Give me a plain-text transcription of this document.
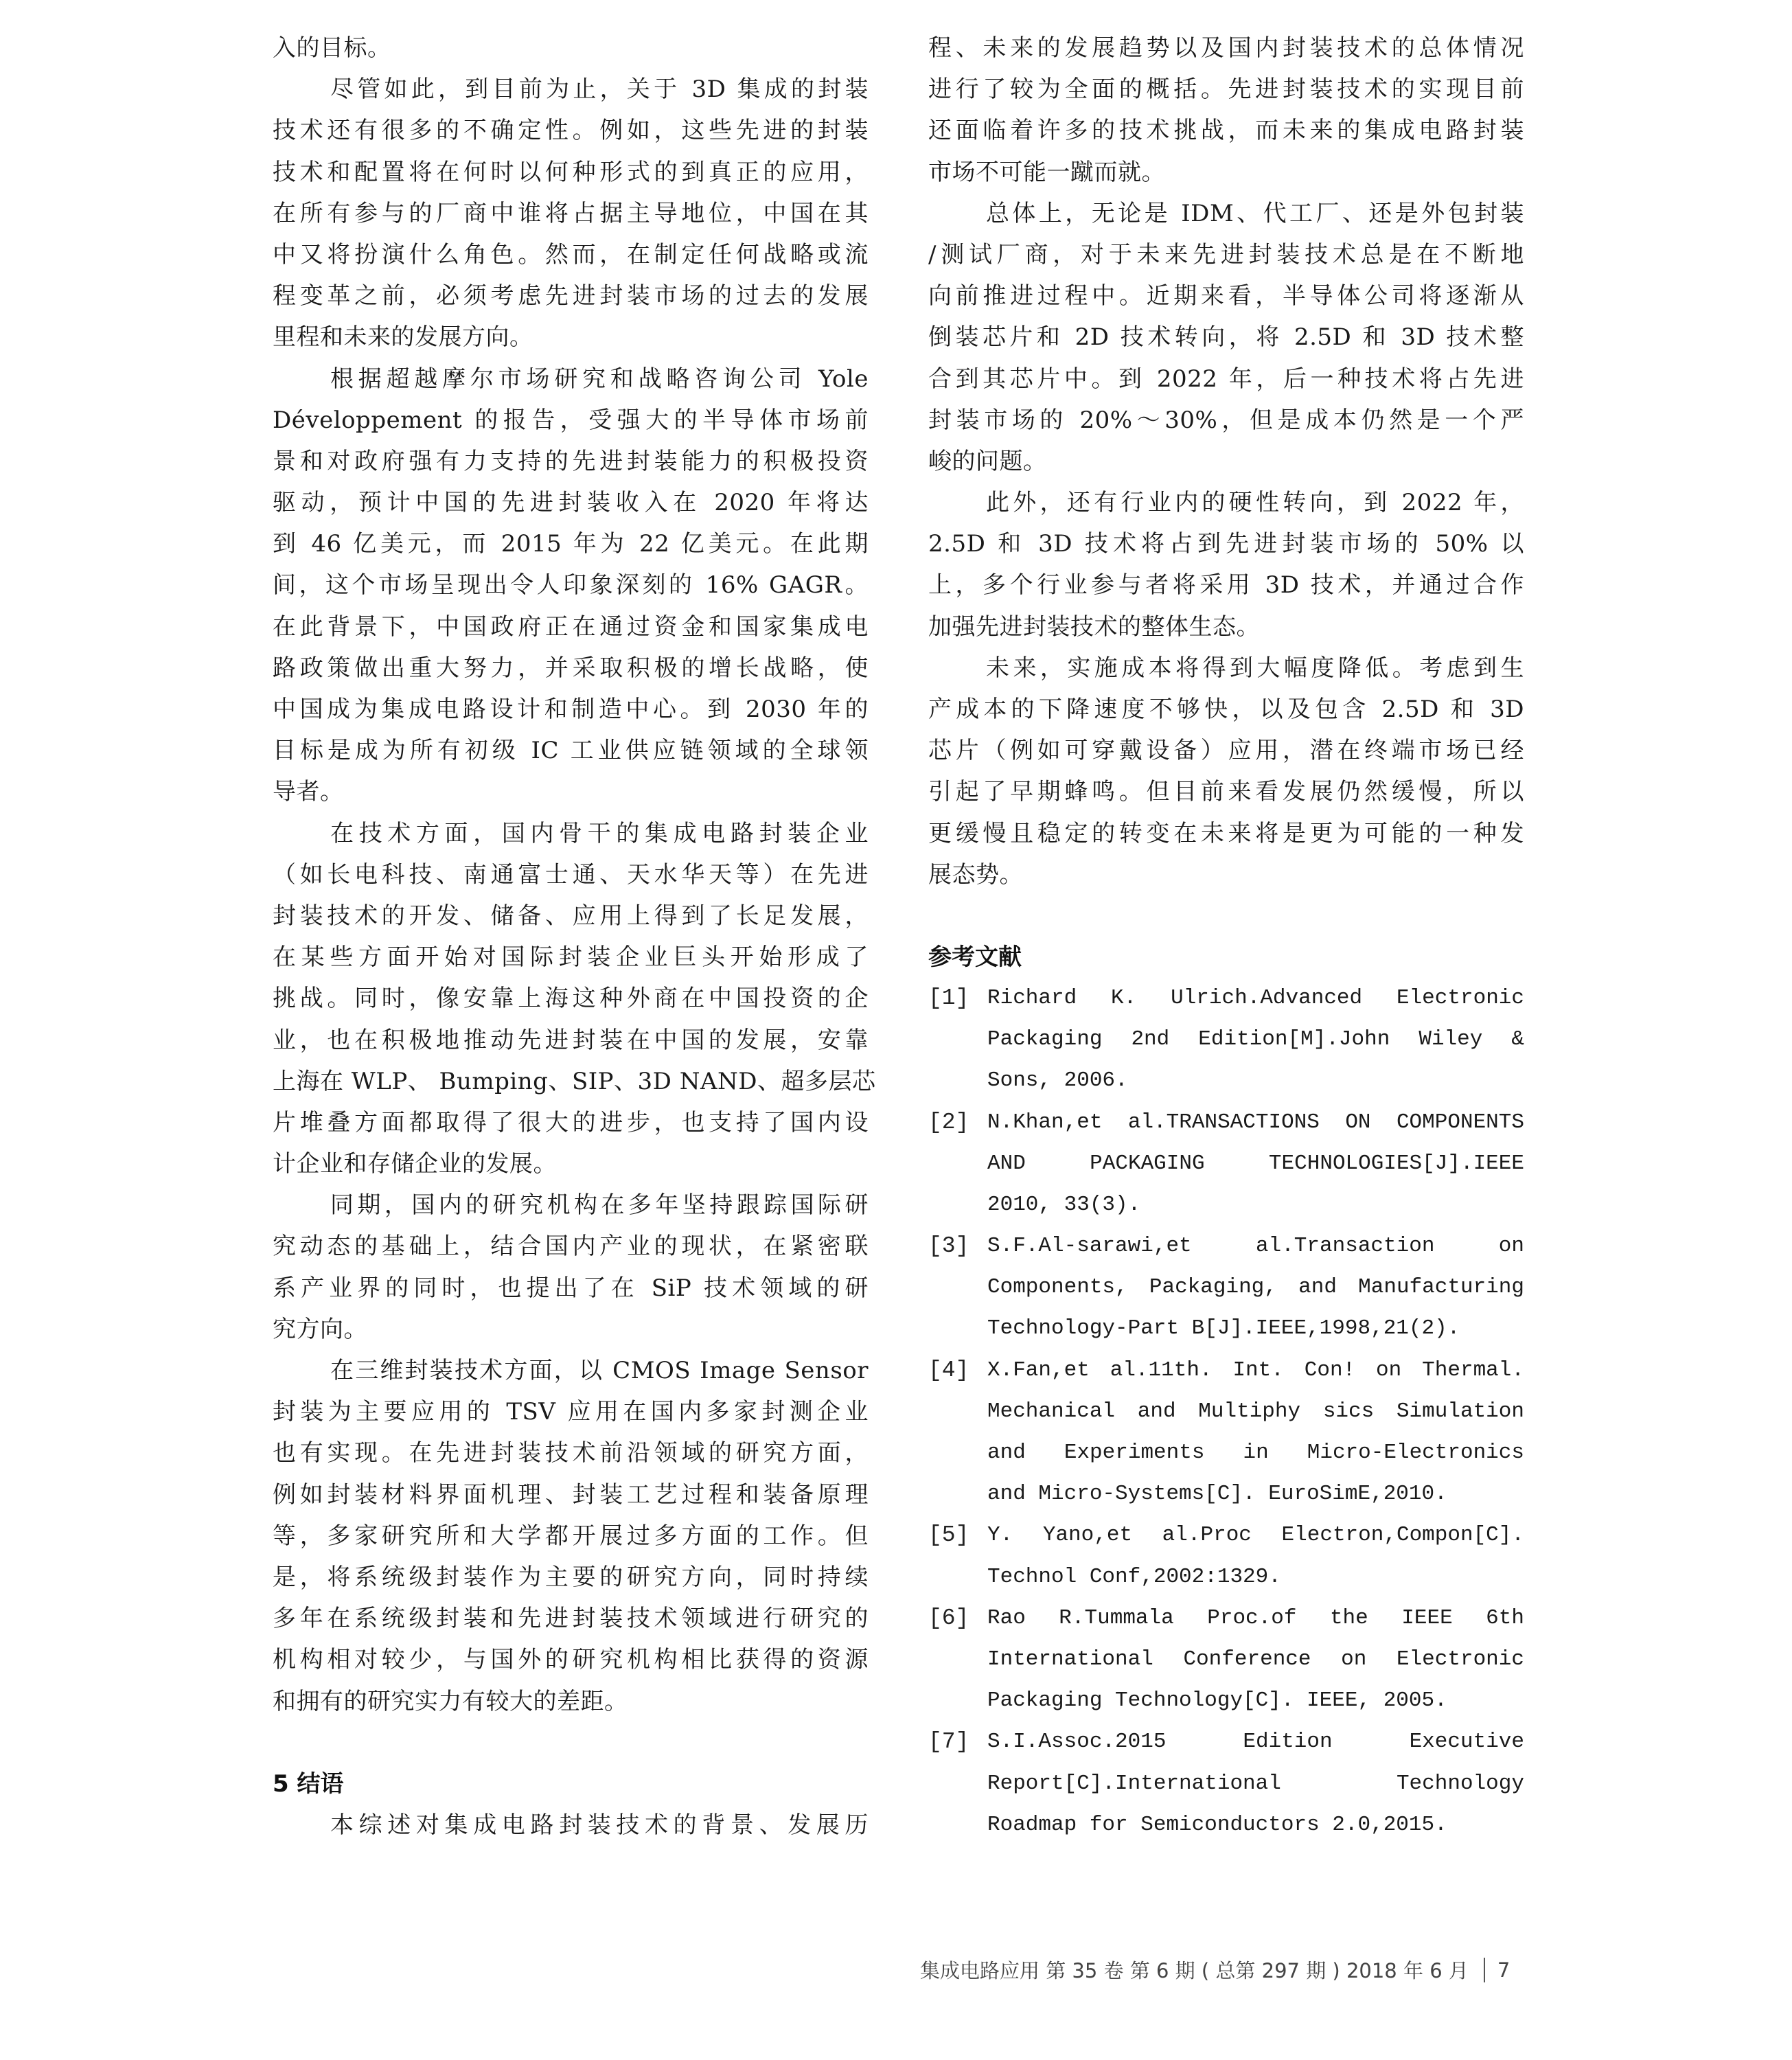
入的目标。
尽管如此，到目前为止，关于 3D 集成的封装
技术还有很多的不确定性。例如，这些先进的封装
技术和配置将在何时以何种形式的到真正的应用，
在所有参与的厂商中谁将占据主导地位，中国在其
中又将扮演什么角色。然而，在制定任何战略或流
程变革之前，必须考虑先进封装市场的过去的发展
里程和未来的发展方向。
根据超越摩尔市场研究和战略咨询公司 Yole
Développement 的报告，受强大的半导体市场前
景和对政府强有力支持的先进封装能力的积极投资
驱动，预计中国的先进封装收入在 2020 年将达
到 46 亿美元，而 2015 年为 22 亿美元。在此期
间，这个市场呈现出令人印象深刻的 16% GAGR。
在此背景下，中国政府正在通过资金和国家集成电
路政策做出重大努力，并采取积极的增长战略，使
中国成为集成电路设计和制造中心。到 2030 年的
目标是成为所有初级 IC 工业供应链领域的全球领
导者。
在技术方面，国内骨干的集成电路封装企业
（如长电科技、南通富士通、天水华天等）在先进
封装技术的开发、储备、应用上得到了长足发展，
在某些方面开始对国际封装企业巨头开始形成了
挑战。同时，像安靠上海这种外商在中国投资的企
业，也在积极地推动先进封装在中国的发展，安靠
上海在 WLP、 Bumping、SIP、3D NAND、超多层芯
片堆叠方面都取得了很大的进步，也支持了国内设
计企业和存储企业的发展。
同期，国内的研究机构在多年坚持跟踪国际研
究动态的基础上，结合国内产业的现状，在紧密联
系产业界的同时，也提出了在 SiP 技术领域的研
究方向。
在三维封装技术方面，以 CMOS Image Sensor
封装为主要应用的 TSV 应用在国内多家封测企业
也有实现。在先进封装技术前沿领域的研究方面，
例如封装材料界面机理、封装工艺过程和装备原理
等，多家研究所和大学都开展过多方面的工作。但
是，将系统级封装作为主要的研究方向，同时持续
多年在系统级封装和先进封装技术领域进行研究的
机构相对较少，与国外的研究机构相比获得的资源
和拥有的研究实力有较大的差距。
5 结语
本综述对集成电路封装技术的背景、发展历
程、未来的发展趋势以及国内封装技术的总体情况
进行了较为全面的概括。先进封装技术的实现目前
还面临着许多的技术挑战，而未来的集成电路封装
市场不可能一蹴而就。
总体上，无论是 IDM、代工厂、还是外包封装
/测试厂商，对于未来先进封装技术总是在不断地
向前推进过程中。近期来看，半导体公司将逐渐从
倒装芯片和 2D 技术转向，将 2.5D 和 3D 技术整
合到其芯片中。到 2022 年，后一种技术将占先进
封装市场的 20%～30%，但是成本仍然是一个严
峻的问题。
此外，还有行业内的硬性转向，到 2022 年，
2.5D 和 3D 技术将占到先进封装市场的 50% 以
上，多个行业参与者将采用 3D 技术，并通过合作
加强先进封装技术的整体生态。
未来，实施成本将得到大幅度降低。考虑到生
产成本的下降速度不够快，以及包含 2.5D 和 3D
芯片（例如可穿戴设备）应用，潜在终端市场已经
引起了早期蜂鸣。但目前来看发展仍然缓慢，所以
更缓慢且稳定的转变在未来将是更为可能的一种发
展态势。
参考文献
[1] Richard K. Ulrich.Advanced Electronic
Packaging 2nd Edition[M].John Wiley &
Sons, 2006.
[2] N.Khan,et al.TRANSACTIONS ON COMPONENTS
AND PACKAGING TECHNOLOGIES[J].IEEE
2010, 33(3).
[3] S.F.Al-sarawi,et al.Transaction on
Components, Packaging, and Manufacturing
Technology-Part B[J].IEEE,1998,21(2).
[4] X.Fan,et al.11th. Int. Con! on Thermal.
Mechanical and Multiphy sics Simulation
and Experiments in Micro-Electronics
and Micro-Systems[C]. EuroSimE,2010.
[5] Y. Yano,et al.Proc Electron,Compon[C].
Technol Conf,2002:1329.
[6] Rao R.Tummala Proc.of the IEEE 6th
International Conference on Electronic
Packaging Technology[C]. IEEE, 2005.
[7] S.I.Assoc.2015 Edition Executive
Report[C].International Technology
Roadmap for Semiconductors 2.0,2015.
集成电路应用 第 35 卷 第 6 期 ( 总第 297 期 ) 2018 年 6 月 7
